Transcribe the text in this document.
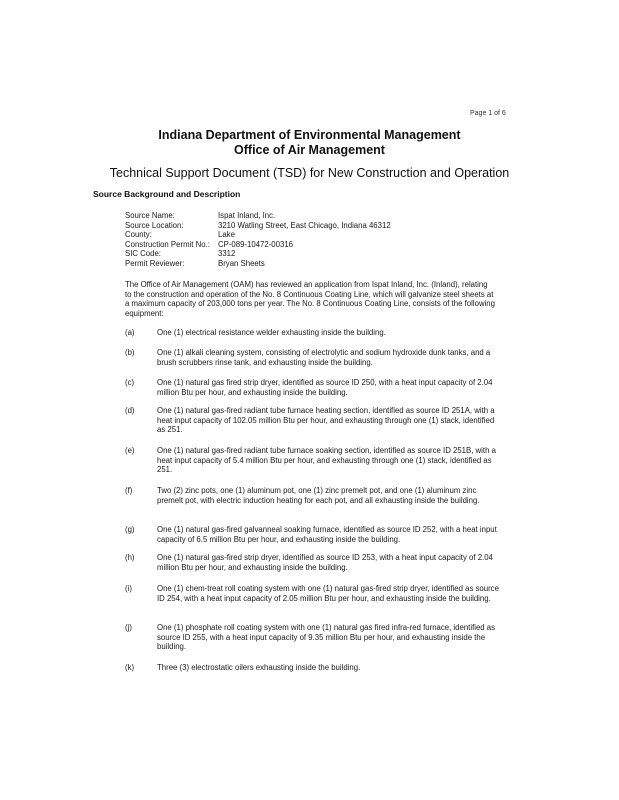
Page 1 of 6
Indiana Department of Environmental Management
Office of Air Management
Technical Support Document (TSD) for New Construction and Operation
Source Background and Description
Source Name:	Ispat Inland, Inc.
Source Location:	3210 Watling Street, East Chicago, Indiana 46312
County:	Lake
Construction Permit No.:	CP-089-10472-00316
SIC Code:	3312
Permit Reviewer:	Bryan Sheets
The Office of Air Management (OAM) has reviewed an application from Ispat Inland, Inc. (Inland), relating to the construction and operation of the No. 8 Continuous Coating Line, which will galvanize steel sheets at a maximum capacity of 203,000 tons per year. The No. 8 Continuous Coating Line, consists of the following equipment:
(a)	One (1) electrical resistance welder exhausting inside the building.
(b)	One (1) alkali cleaning system, consisting of electrolytic and sodium hydroxide dunk tanks, and a brush scrubbers rinse tank, and exhausting inside the building.
(c)	One (1) natural gas fired strip dryer, identified as source ID 250, with a heat input capacity of 2.04 million Btu per hour, and exhausting inside the building.
(d)	One (1) natural gas-fired radiant tube furnace heating section, identified as source ID 251A, with a heat input capacity of 102.05 million Btu per hour, and exhausting through one (1) stack, identified as 251.
(e)	One (1) natural gas-fired radiant tube furnace soaking section, identified as source ID 251B, with a heat input capacity of 5.4 million Btu per hour, and exhausting through one (1) stack, identified as 251.
(f)	Two (2) zinc pots, one (1) aluminum pot, one (1) zinc premelt pot, and one (1) aluminum zinc premelt pot, with electric induction heating for each pot, and all exhausting inside the building.
(g)	One (1) natural gas-fired galvanneal soaking furnace, identified as source ID 252, with a heat input capacity of 6.5 million Btu per hour, and exhausting inside the building.
(h)	One (1) natural gas-fired strip dryer, identified as source ID 253, with a heat input capacity of 2.04 million Btu per hour, and exhausting inside the building.
(i)	One (1) chem-treat roll coating system with one (1) natural gas-fired strip dryer, identified as source ID 254, with a heat input capacity of 2.05 million Btu per hour, and exhausting inside the building.
(j)	One (1) phosphate roll coating system with one (1) natural gas fired infra-red furnace, identified as source ID 255, with a heat input capacity of 9.35 million Btu per hour, and exhausting inside the building.
(k)	Three (3) electrostatic oilers exhausting inside the building.
